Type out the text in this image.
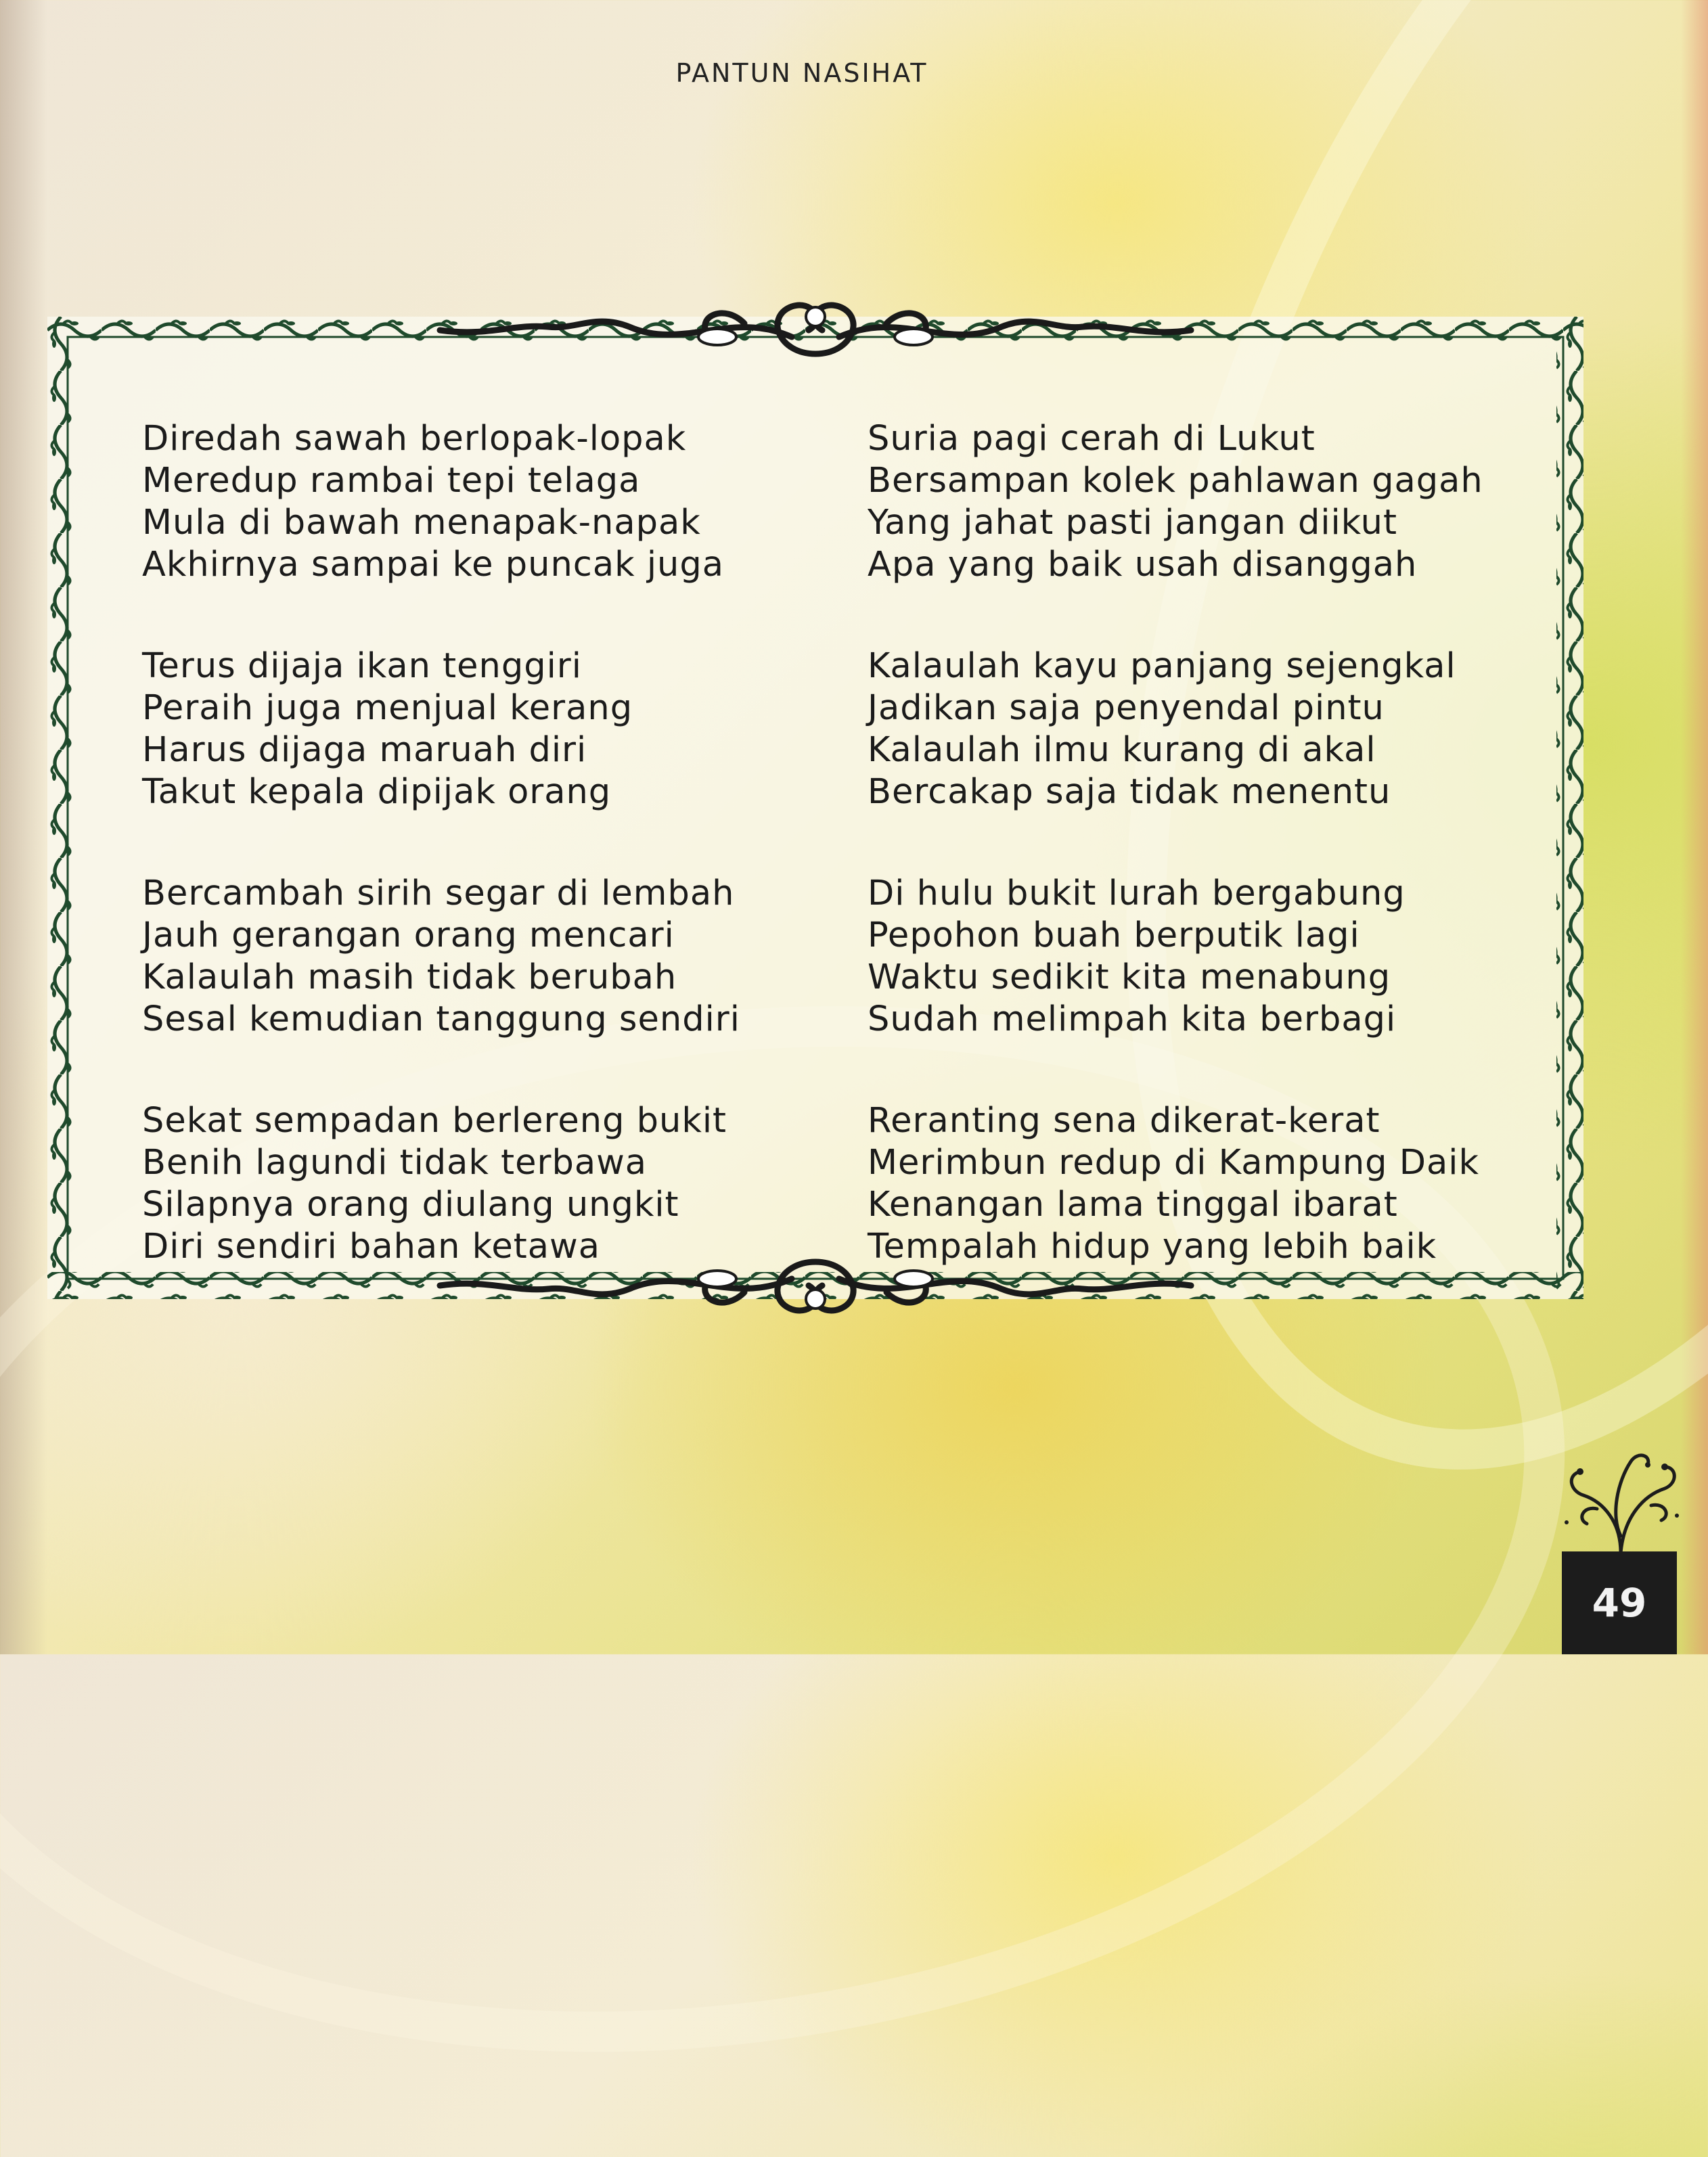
PANTUN NASIHAT
Diredah sawah berlopak-lopak
Meredup rambai tepi telaga
Mula di bawah menapak-napak
Akhirnya sampai ke puncak juga
Terus dijaja ikan tenggiri
Peraih juga menjual kerang
Harus dijaga maruah diri
Takut kepala dipijak orang
Bercambah sirih segar di lembah
Jauh gerangan orang mencari
Kalaulah masih tidak berubah
Sesal kemudian tanggung sendiri
Sekat sempadan berlereng bukit
Benih lagundi tidak terbawa
Silapnya orang diulang ungkit
Diri sendiri bahan ketawa
Suria pagi cerah di Lukut
Bersampan kolek pahlawan gagah
Yang jahat pasti jangan diikut
Apa yang baik usah disanggah
Kalaulah kayu panjang sejengkal
Jadikan saja penyendal pintu
Kalaulah ilmu kurang di akal
Bercakap saja tidak menentu
Di hulu bukit lurah bergabung
Pepohon buah berputik lagi
Waktu sedikit kita menabung
Sudah melimpah kita berbagi
Reranting sena dikerat-kerat
Merimbun redup di Kampung Daik
Kenangan lama tinggal ibarat
Tempalah hidup yang lebih baik
49
